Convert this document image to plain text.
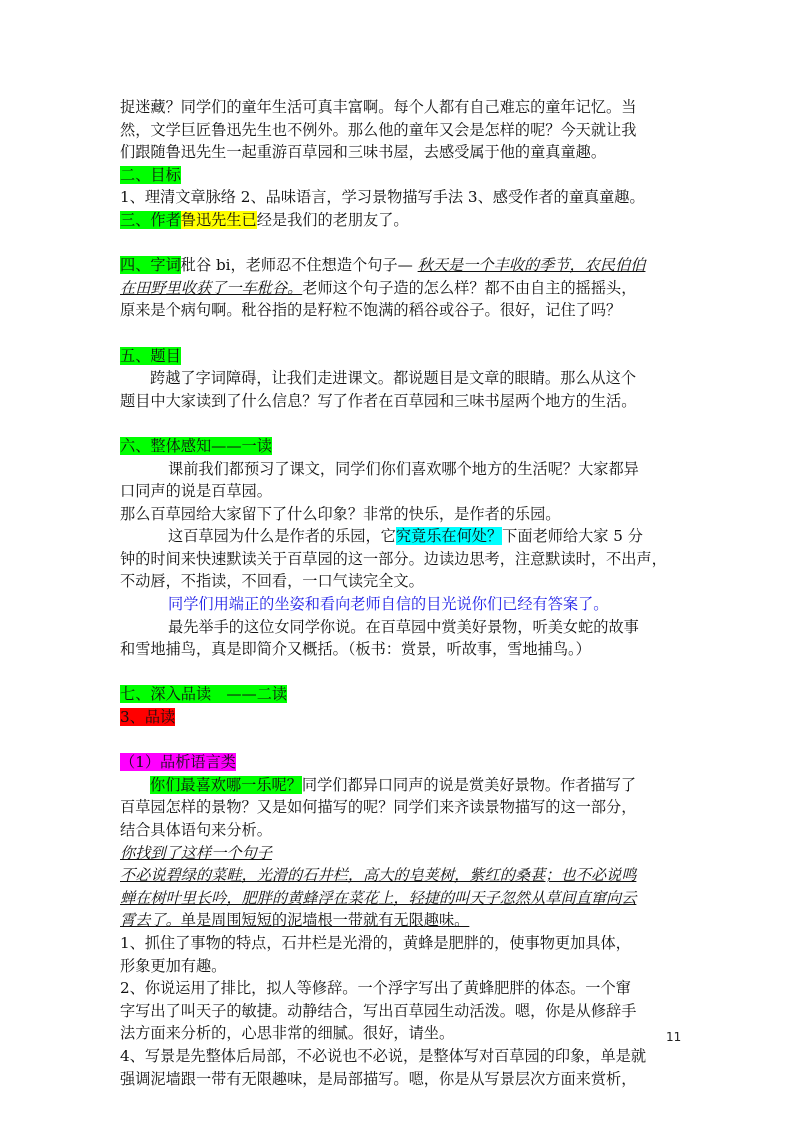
捉迷藏？同学们的童年生活可真丰富啊。每个人都有自己难忘的童年记忆。当
然，文学巨匠鲁迅先生也不例外。那么他的童年又会是怎样的呢？今天就让我
们跟随鲁迅先生一起重游百草园和三味书屋，去感受属于他的童真童趣。
二、目标
1、理清文章脉络 2、品味语言，学习景物描写手法 3、感受作者的童真童趣。
三、作者鲁迅先生已经是我们的老朋友了。
四、字词秕谷 bi，老师忍不住想造个句子— 秋天是一个丰收的季节，农民伯伯
在田野里收获了一车秕谷。老师这个句子造的怎么样？都不由自主的摇摇头，
原来是个病句啊。秕谷指的是籽粒不饱满的稻谷或谷子。很好，记住了吗？
五、题目
跨越了字词障碍，让我们走进课文。都说题目是文章的眼睛。那么从这个
题目中大家读到了什么信息？写了作者在百草园和三味书屋两个地方的生活。
六、整体感知——一读
课前我们都预习了课文，同学们你们喜欢哪个地方的生活呢？大家都异
口同声的说是百草园。
那么百草园给大家留下了什么印象？非常的快乐，是作者的乐园。
这百草园为什么是作者的乐园，它究竟乐在何处？下面老师给大家 5 分
钟的时间来快速默读关于百草园的这一部分。边读边思考，注意默读时，不出声，
不动唇，不指读，不回看，一口气读完全文。
同学们用端正的坐姿和看向老师自信的目光说你们已经有答案了。
最先举手的这位女同学你说。在百草园中赏美好景物，听美女蛇的故事
和雪地捕鸟，真是即简介又概括。（板书：赏景，听故事，雪地捕鸟。）
七、深入品读　——二读
3、品读
（1）品析语言类
你们最喜欢哪一乐呢？同学们都异口同声的说是赏美好景物。作者描写了
百草园怎样的景物？又是如何描写的呢？同学们来齐读景物描写的这一部分，
结合具体语句来分析。
你找到了这样一个句子
不必说碧绿的菜畦，光滑的石井栏，高大的皂荚树，紫红的桑葚；也不必说鸣
蝉在树叶里长吟，肥胖的黄蜂浮在菜花上，轻捷的叫天子忽然从草间直窜向云
霄去了。单是周围短短的泥墙根一带就有无限趣味。
1、抓住了事物的特点，石井栏是光滑的，黄蜂是肥胖的，使事物更加具体，
形象更加有趣。
2、你说运用了排比，拟人等修辞。一个浮字写出了黄蜂肥胖的体态。一个窜
字写出了叫天子的敏捷。动静结合，写出百草园生动活泼。嗯，你是从修辞手
法方面来分析的，心思非常的细腻。很好，请坐。
4、写景是先整体后局部，不必说也不必说，是整体写对百草园的印象，单是就
强调泥墙跟一带有无限趣味，是局部描写。嗯，你是从写景层次方面来赏析，
11
